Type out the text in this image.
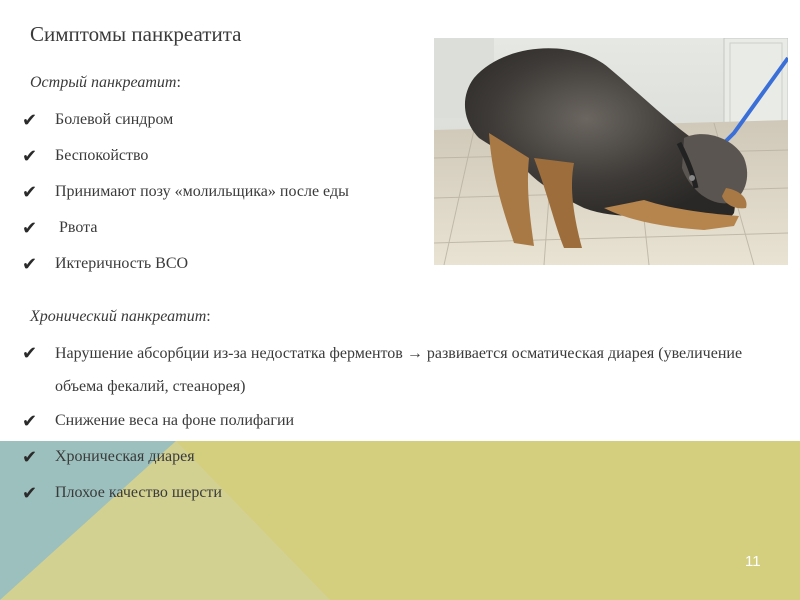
Симптомы панкреатита
Острый панкреатит:
✔ Болевой синдром
✔ Беспокойство
✔ Принимают позу «молильщика» после еды
✔ Рвота
✔ Иктеричность ВСО
Хронический панкреатит:
✔ Нарушение абсорбции из-за недостатка ферментов → развивается осматическая диарея (увеличение объема фекалий, стеанорея)
✔ Снижение веса на фоне полифагии
✔ Хроническая диарея
✔ Плохое качество шерсти
11
